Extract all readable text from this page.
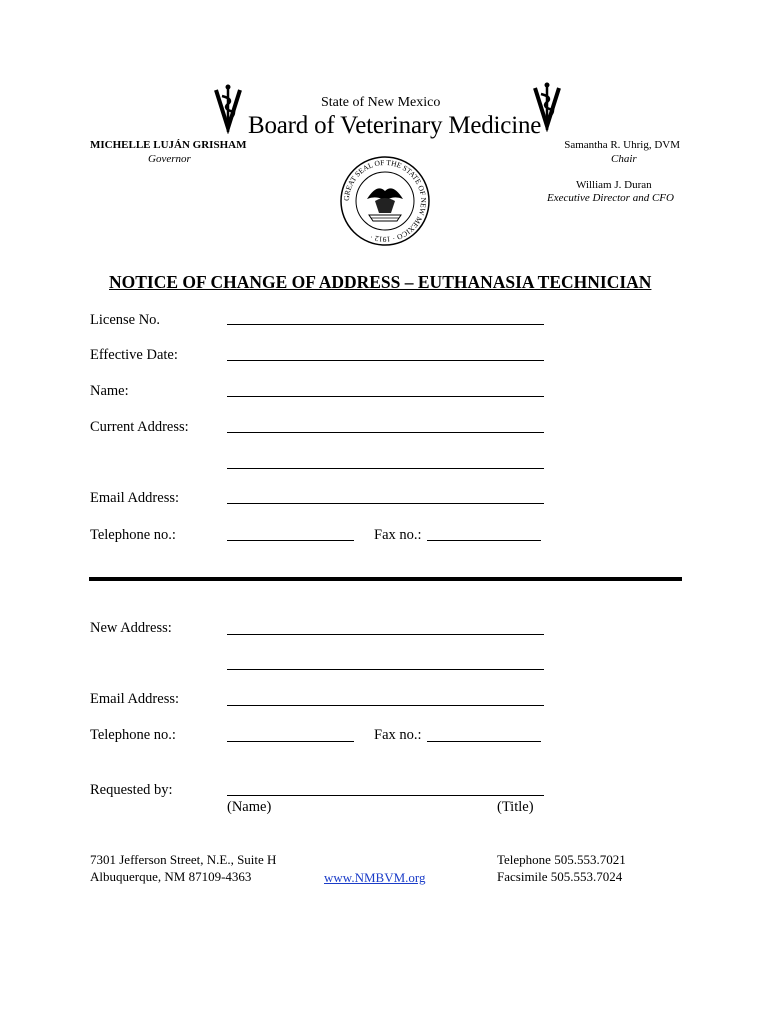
State of New Mexico
Board of Veterinary Medicine
MICHELLE LUJÁN GRISHAM
Governor
Samantha R. Uhrig, DVM
Chair
William J. Duran
Executive Director and CFO
GREAT SEAL OF THE STATE OF NEW MEXICO · 1912 ·
NOTICE OF CHANGE OF ADDRESS – EUTHANASIA TECHNICIAN
License No.
Effective Date:
Name:
Current Address:
Email Address:
Telephone no.:	Fax no.:
New Address:
Email Address:
Telephone no.:	Fax no.:
Requested by:
(Name)	(Title)
7301 Jefferson Street, N.E., Suite H
Albuquerque, NM 87109-4363	www.NMBVM.org
Telephone 505.553.7021
Facsimile 505.553.7024
